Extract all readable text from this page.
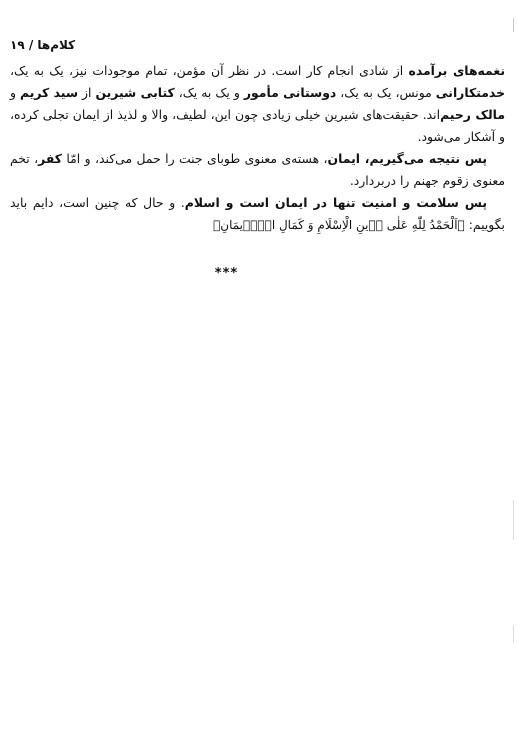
کلام‌ها / ۱۹

نغمه‌های برآمده از شادی انجام کار است. در نظر آن مؤمن، تمام موجودات نیز، یک به یک، خدمتکارانی مونس، یک به یک، دوستانی مأمور و یک به یک، کتابی شیرین از سید کریم و مالک رحیم‌اند. حقیقت‌های شیرین خیلی زیادی چون این، لطیف، والا و لذیذ از ایمان تجلی کرده، و آشکار می‌شود.

پس نتیجه می‌گیریم، ایمان، هسته‌ی معنوی طوبای جنت را حمل می‌کند، و امّا کفر، تخم معنوی زقوم جهنم را دربردارد.

پس سلامت و امنیت تنها در ایمان است و اسلام. و حال که چنین است، دایم باید بگوییم: ﴿اَلْحَمْدُ لِلّٰهِ عَلٰى دٖينِ الْاِسْلَامِ وَ كَمَالِ الْاٖيمَانِ﴾

***
